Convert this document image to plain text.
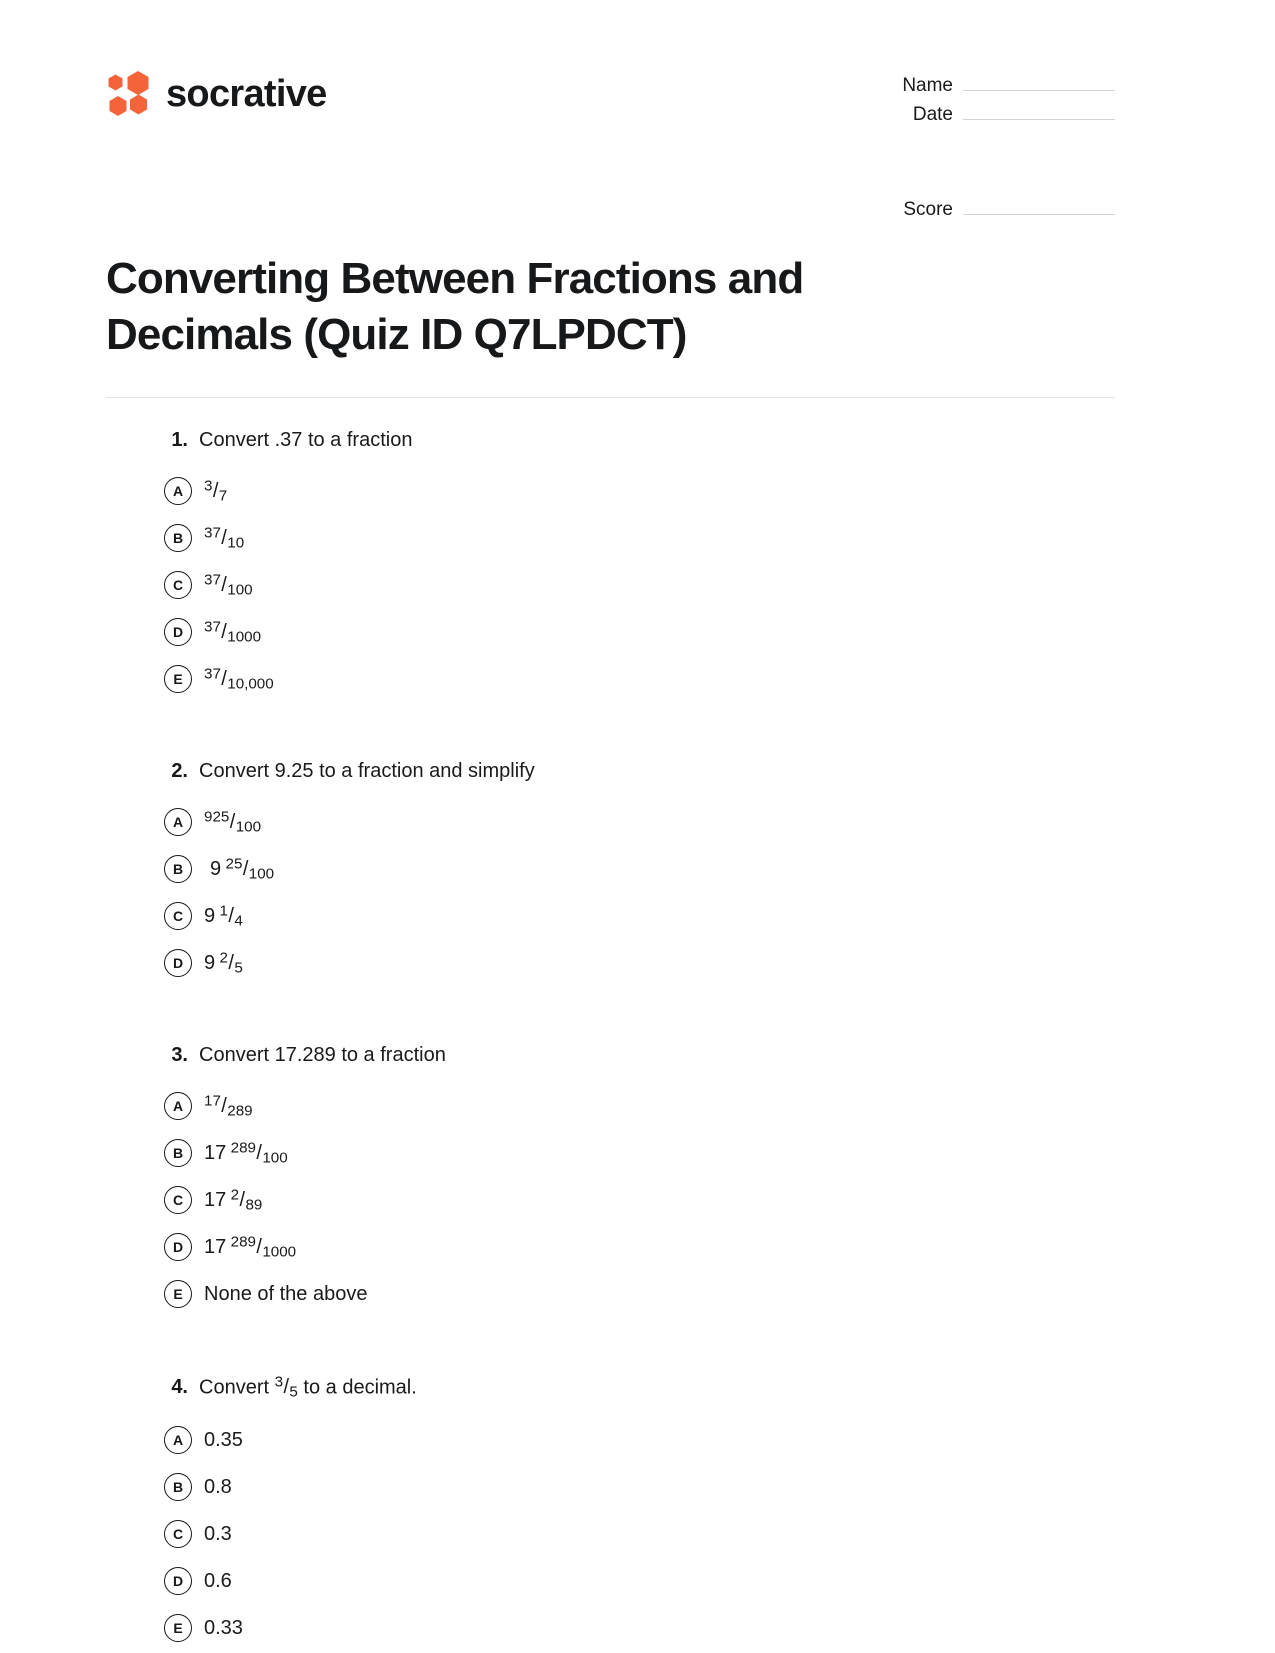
socrative	Name
Date
Score
Converting Between Fractions and Decimals (Quiz ID Q7LPDCT)
1. Convert .37 to a fraction
A	$^3$/7
B	$^{37}$/10
C	$^{37}$/100
D	$^{37}$/1000
E	$^{37}$/10,000
2. Convert 9.25 to a fraction and simplify
A	$^{925}$/100
B	9 $^{25}$/100
C	9 $^1$/4
D	9 $^2$/5
3. Convert 17.289 to a fraction
A	$^{17}$/289
B	17 $^{289}$/100
C	17 $^2$/89
D	17 $^{289}$/1000
E	None of the above
4. Convert $^3$/5 to a decimal.
A	0.35
B	0.8
C	0.3
D	0.6
E	0.33
